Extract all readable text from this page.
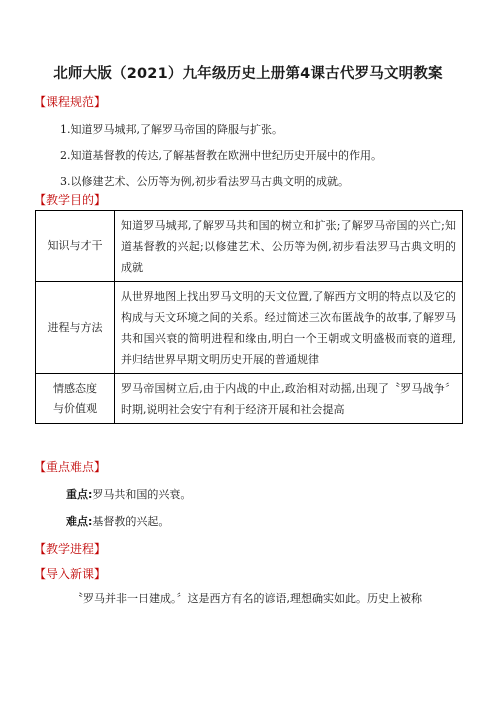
北师大版（2021）九年级历史上册第4课古代罗马文明教案
【课程规范】
1.知道罗马城邦,了解罗马帝国的降服与扩张。
2.知道基督教的传达,了解基督教在欧洲中世纪历史开展中的作用。
3.以修建艺术、公历等为例,初步看法罗马古典文明的成就。
【教学目的】
知识与才干	知道罗马城邦,了解罗马共和国的树立和扩张;了解罗马帝国的兴亡;知道基督教的兴起;以修建艺术、公历等为例,初步看法罗马古典文明的成就
进程与方法	从世界地图上找出罗马文明的天文位置,了解西方文明的特点以及它的构成与天文环境之间的关系。经过简述三次布匿战争的故事,了解罗马共和国兴衰的简明进程和缘由,明白一个王朝或文明盛极而衰的道理,并归结世界早期文明历史开展的普通规律
情感态度
与价值观	罗马帝国树立后,由于内战的中止,政治相对动摇,出现了〝罗马战争〞时期,说明社会安宁有利于经济开展和社会提高
【重点难点】
重点:罗马共和国的兴衰。
难点:基督教的兴起。
【教学进程】
【导入新课】
〝罗马并非一日建成。〞这是西方有名的谚语,理想确实如此。历史上被称
